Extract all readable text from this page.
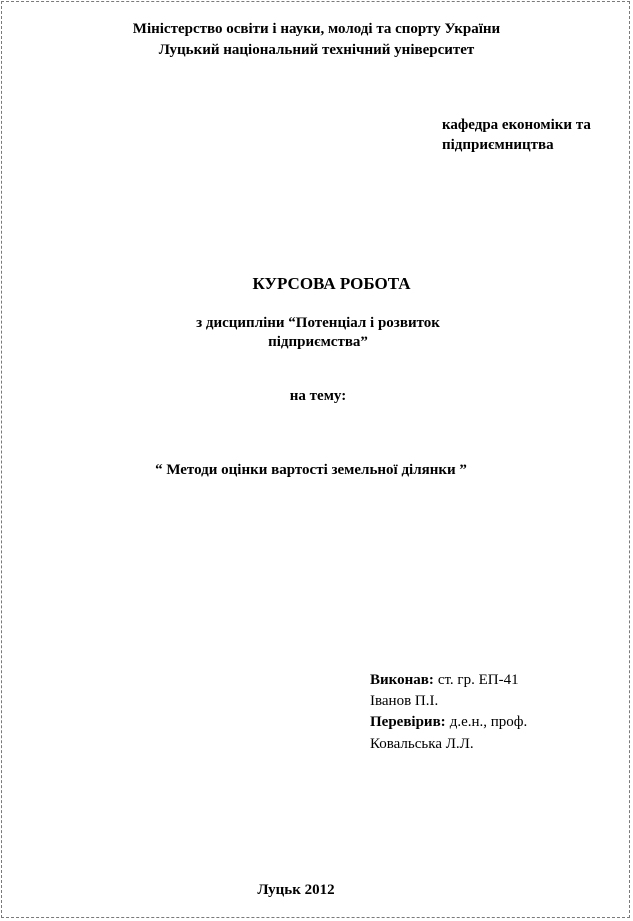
Міністерство освіти і науки, молоді та спорту України
Луцький національний технічний університет
кафедра економіки та
підприємництва
КУРСОВА РОБОТА
з дисципліни “Потенціал і розвиток
підприємства”
на тему:
“ Методи оцінки вартості земельної ділянки ”
Виконав: ст. гр. ЕП-41
Іванов П.І.
Перевірив: д.е.н., проф.
Ковальська Л.Л.
Луцьк 2012
